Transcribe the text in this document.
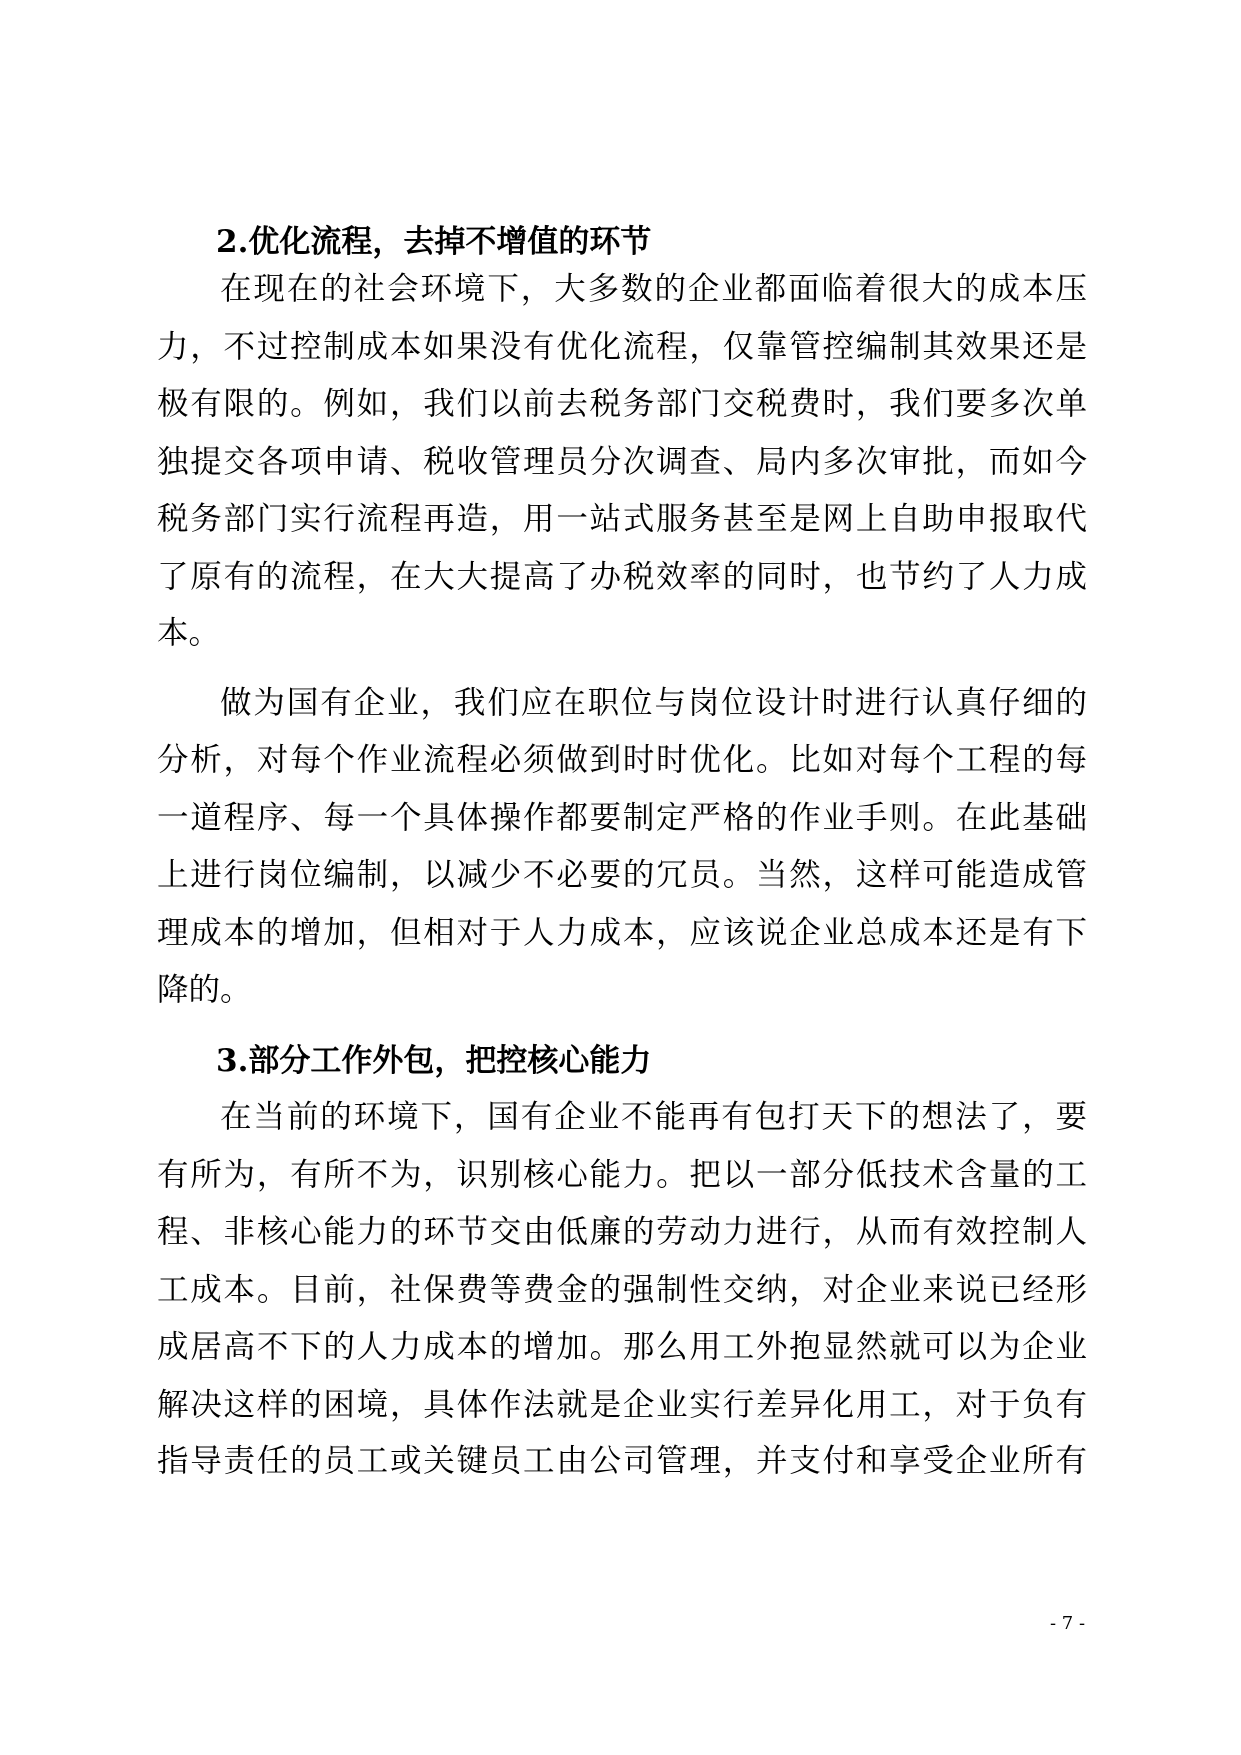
2.优化流程，去掉不增值的环节
在现在的社会环境下，大多数的企业都面临着很大的成本压
力，不过控制成本如果没有优化流程，仅靠管控编制其效果还是
极有限的。例如，我们以前去税务部门交税费时，我们要多次单
独提交各项申请、税收管理员分次调查、局内多次审批，而如今
税务部门实行流程再造，用一站式服务甚至是网上自助申报取代
了原有的流程，在大大提高了办税效率的同时，也节约了人力成
本。
做为国有企业，我们应在职位与岗位设计时进行认真仔细的
分析，对每个作业流程必须做到时时优化。比如对每个工程的每
一道程序、每一个具体操作都要制定严格的作业手则。在此基础
上进行岗位编制，以减少不必要的冗员。当然，这样可能造成管
理成本的增加，但相对于人力成本，应该说企业总成本还是有下
降的。
3.部分工作外包，把控核心能力
在当前的环境下，国有企业不能再有包打天下的想法了，要
有所为，有所不为，识别核心能力。把以一部分低技术含量的工
程、非核心能力的环节交由低廉的劳动力进行，从而有效控制人
工成本。目前，社保费等费金的强制性交纳，对企业来说已经形
成居高不下的人力成本的增加。那么用工外抱显然就可以为企业
解决这样的困境，具体作法就是企业实行差异化用工，对于负有
指导责任的员工或关键员工由公司管理，并支付和享受企业所有
- 7 -
